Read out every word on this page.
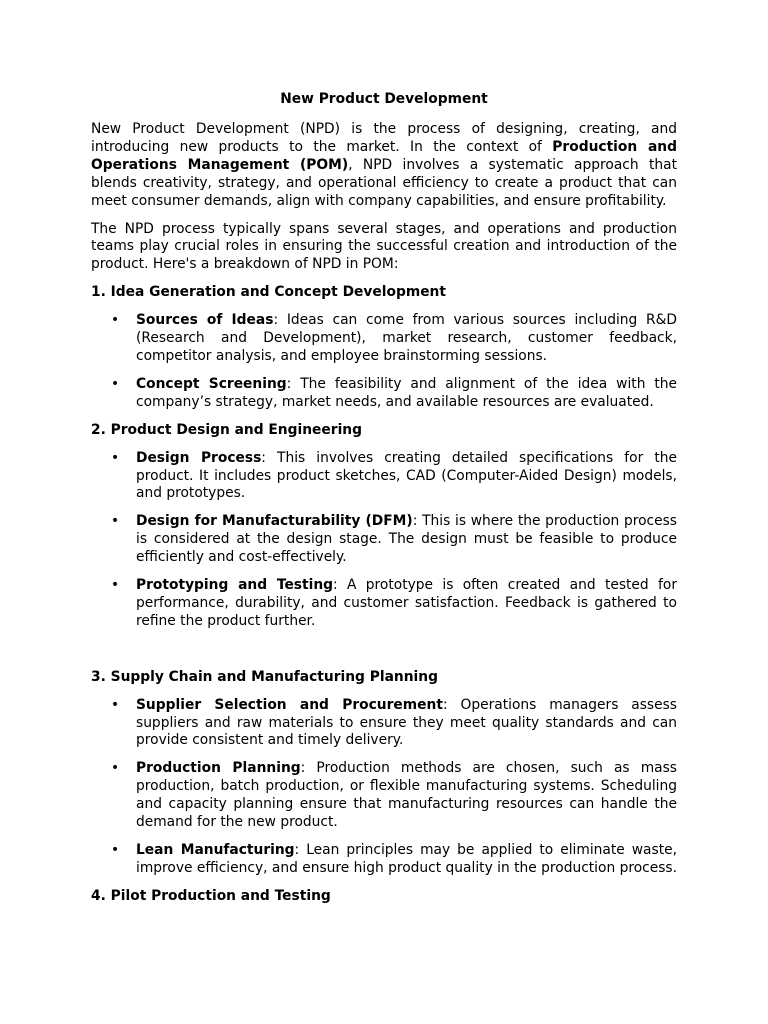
New Product Development

New Product Development (NPD) is the process of designing, creating, and introducing new products to the market. In the context of Production and Operations Management (POM), NPD involves a systematic approach that blends creativity, strategy, and operational efficiency to create a product that can meet consumer demands, align with company capabilities, and ensure profitability.

The NPD process typically spans several stages, and operations and production teams play crucial roles in ensuring the successful creation and introduction of the product. Here's a breakdown of NPD in POM:

1. Idea Generation and Concept Development
• Sources of Ideas: Ideas can come from various sources including R&D (Research and Development), market research, customer feedback, competitor analysis, and employee brainstorming sessions.
• Concept Screening: The feasibility and alignment of the idea with the company’s strategy, market needs, and available resources are evaluated.
2. Product Design and Engineering
• Design Process: This involves creating detailed specifications for the product. It includes product sketches, CAD (Computer-Aided Design) models, and prototypes.
• Design for Manufacturability (DFM): This is where the production process is considered at the design stage. The design must be feasible to produce efficiently and cost-effectively.
• Prototyping and Testing: A prototype is often created and tested for performance, durability, and customer satisfaction. Feedback is gathered to refine the product further.
3. Supply Chain and Manufacturing Planning
• Supplier Selection and Procurement: Operations managers assess suppliers and raw materials to ensure they meet quality standards and can provide consistent and timely delivery.
• Production Planning: Production methods are chosen, such as mass production, batch production, or flexible manufacturing systems. Scheduling and capacity planning ensure that manufacturing resources can handle the demand for the new product.
• Lean Manufacturing: Lean principles may be applied to eliminate waste, improve efficiency, and ensure high product quality in the production process.
4. Pilot Production and Testing
